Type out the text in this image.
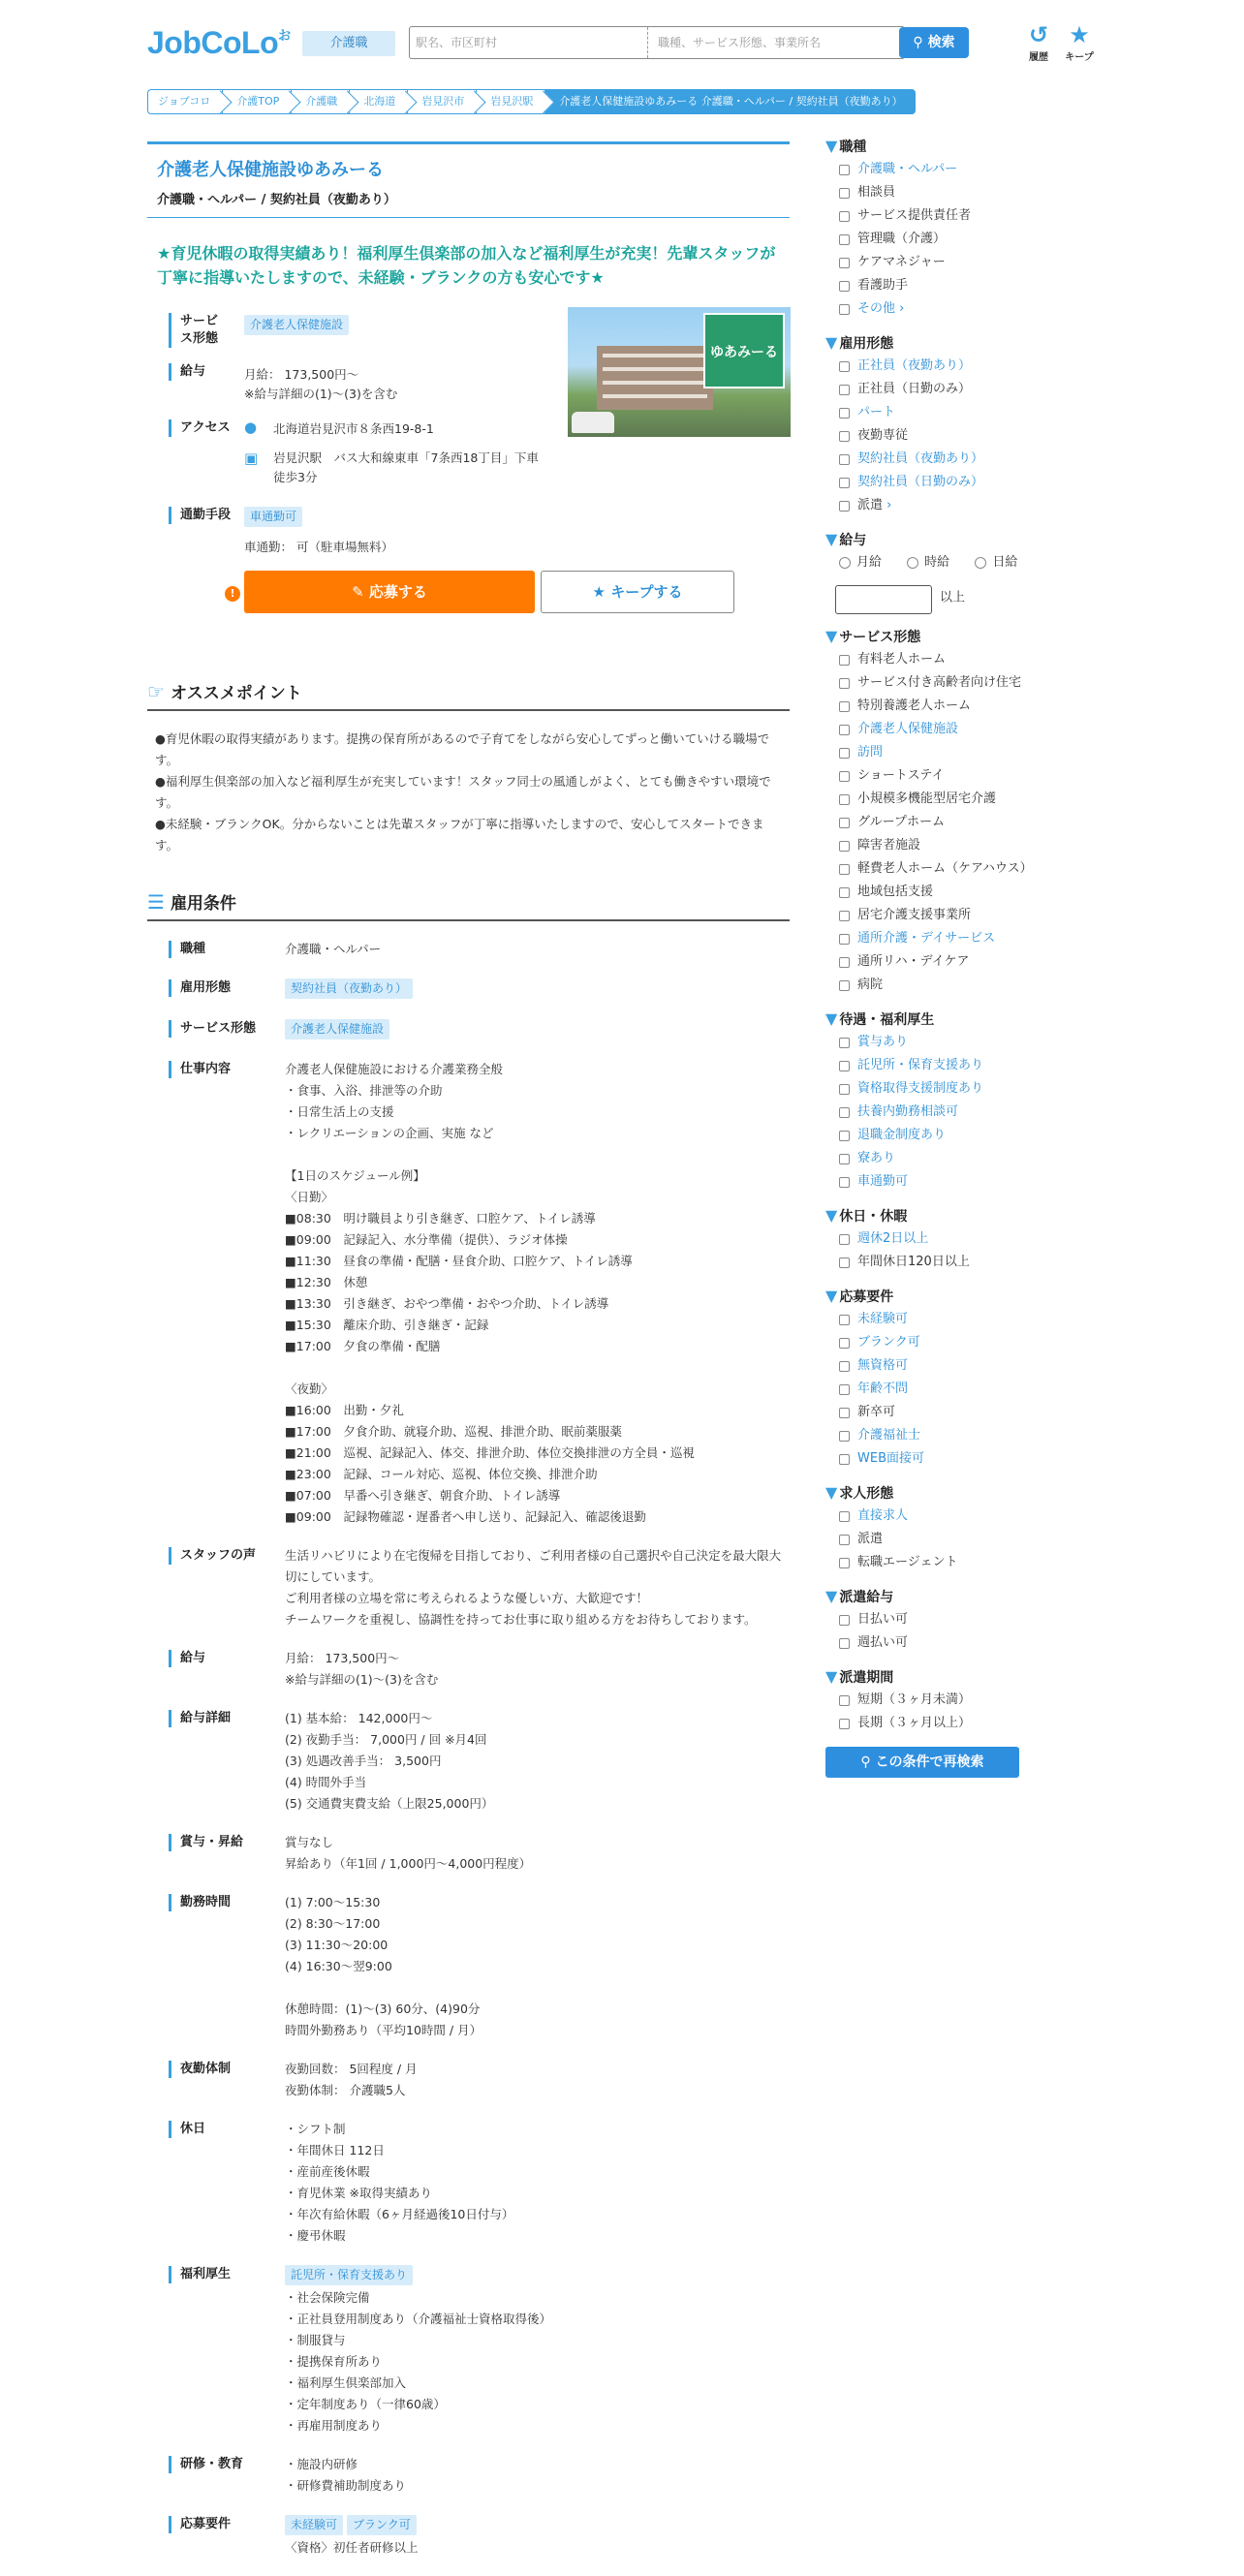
JobCoLo$^お$
介護職	駅名、市区町村	職種、サービス形態、事業所名	⚲ 検索	↺
履歴
★
キープ
ジョブコロ	介護TOP	介護職	北海道	岩見沢市	岩見沢駅	介護老人保健施設ゆあみーる 介護職・ヘルパー / 契約社員（夜勤あり）
介護老人保健施設ゆあみーる
介護職・ヘルパー / 契約社員（夜勤あり）
★育児休暇の取得実績あり！福利厚生倶楽部の加入など福利厚生が充実！先輩スタッフが丁寧に指導いたしますので、未経験・ブランクの方も安心です★
サービス形態
介護老人保健施設
給与	月給： 173,500円～
※給与詳細の(1)～(3)を含む
アクセス ● 北海道岩見沢市８条西19-8-1
▣ 岩見沢駅　バス大和線東車「7条西18丁目」下車 徒歩3分
通勤手段	車通勤可
車通勤： 可（駐車場無料）
ゆあみーる
!	✎ 応募する	★ キープする
☞ オススメポイント

●育児休暇の取得実績があります。提携の保育所があるので子育てをしながら安心してずっと働いていける職場です。

●福利厚生倶楽部の加入など福利厚生が充実しています！スタッフ同士の風通しがよく、とても働きやすい環境です。

●未経験・ブランクOK。分からないことは先輩スタッフが丁寧に指導いたしますので、安心してスタートできます。

☰ 雇用条件
職種	介護職・ヘルパー
雇用形態	契約社員（夜勤あり）
サービス形態	介護老人保健施設
仕事内容	介護老人保健施設における介護業務全般
・食事、入浴、排泄等の介助
・日常生活上の支援
・レクリエーションの企画、実施 など

【1日のスケジュール例】
〈日勤〉
■08:30　明け職員より引き継ぎ、口腔ケア、トイレ誘導
■09:00　記録記入、水分準備（提供）、ラジオ体操
■11:30　昼食の準備・配膳・昼食介助、口腔ケア、トイレ誘導
■12:30　休憩
■13:30　引き継ぎ、おやつ準備・おやつ介助、トイレ誘導
■15:30　離床介助、引き継ぎ・記録
■17:00　夕食の準備・配膳

〈夜勤〉
■16:00　出勤・夕礼
■17:00　夕食介助、就寝介助、巡視、排泄介助、眠前薬服薬
■21:00　巡視、記録記入、体交、排泄介助、体位交換排泄の方全員・巡視
■23:00　記録、コール対応、巡視、体位交換、排泄介助
■07:00　早番へ引き継ぎ、朝食介助、トイレ誘導
■09:00　記録物確認・遅番者へ申し送り、記録記入、確認後退勤
スタッフの声	生活リハビリにより在宅復帰を目指しており、ご利用者様の自己選択や自己決定を最大限大切にしています。
ご利用者様の立場を常に考えられるような優しい方、大歓迎です！
チームワークを重視し、協調性を持ってお仕事に取り組める方をお待ちしております。
給与	月給： 173,500円～
※給与詳細の(1)～(3)を含む
給与詳細	(1) 基本給： 142,000円～
(2) 夜勤手当： 7,000円 / 回 ※月4回
(3) 処遇改善手当： 3,500円
(4) 時間外手当
(5) 交通費実費支給（上限25,000円）
賞与・昇給	賞与なし
昇給あり（年1回 / 1,000円～4,000円程度）
勤務時間	(1) 7:00～15:30
(2) 8:30～17:00
(3) 11:30～20:00
(4) 16:30～翌9:00

休憩時間：(1)～(3) 60分、(4)90分
時間外勤務あり（平均10時間 / 月）
夜勤体制	夜勤回数： 5回程度 / 月
夜勤体制： 介護職5人
休日	・シフト制
・年間休日 112日
・産前産後休暇
・育児休業 ※取得実績あり
・年次有給休暇（6ヶ月経過後10日付与）
・慶弔休暇
福利厚生	託児所・保育支援あり
・社会保険完備
・正社員登用制度あり（介護福祉士資格取得後）
・制服貸与
・提携保育所あり
・福利厚生倶楽部加入
・定年制度あり（一律60歳）
・再雇用制度あり
研修・教育	・施設内研修
・研修費補助制度あり
応募要件	未経験可 ブランク可
〈資格〉初任者研修以上
▼ 職種
介護職・ヘルパー
相談員
サービス提供責任者
管理職（介護）
ケアマネジャー
看護助手
その他
›
▼ 雇用形態
正社員（夜勤あり）
正社員（日勤のみ）
パート
夜勤専従
契約社員（夜勤あり）
契約社員（日勤のみ）
派遣
›
▼ 給与
月給
	時給
	日給
以上
▼ サービス形態
有料老人ホーム
サービス付き高齢者向け住宅
特別養護老人ホーム
介護老人保健施設
訪問
ショートステイ
小規模多機能型居宅介護
グループホーム
障害者施設
軽費老人ホーム（ケアハウス）
地域包括支援
居宅介護支援事業所
通所介護・デイサービス
通所リハ・デイケア
病院
▼ 待遇・福利厚生
賞与あり
託児所・保育支援あり
資格取得支援制度あり
扶養内勤務相談可
退職金制度あり
寮あり
車通勤可
▼ 休日・休暇
週休2日以上
年間休日120日以上
▼ 応募要件
未経験可
ブランク可
無資格可
年齢不問
新卒可
介護福祉士
WEB面接可
▼ 求人形態
直接求人
派遣
転職エージェント
▼ 派遣給与
日払い可
週払い可
▼ 派遣期間
短期（３ヶ月未満）
長期（３ヶ月以上）
⚲ この条件で再検索
